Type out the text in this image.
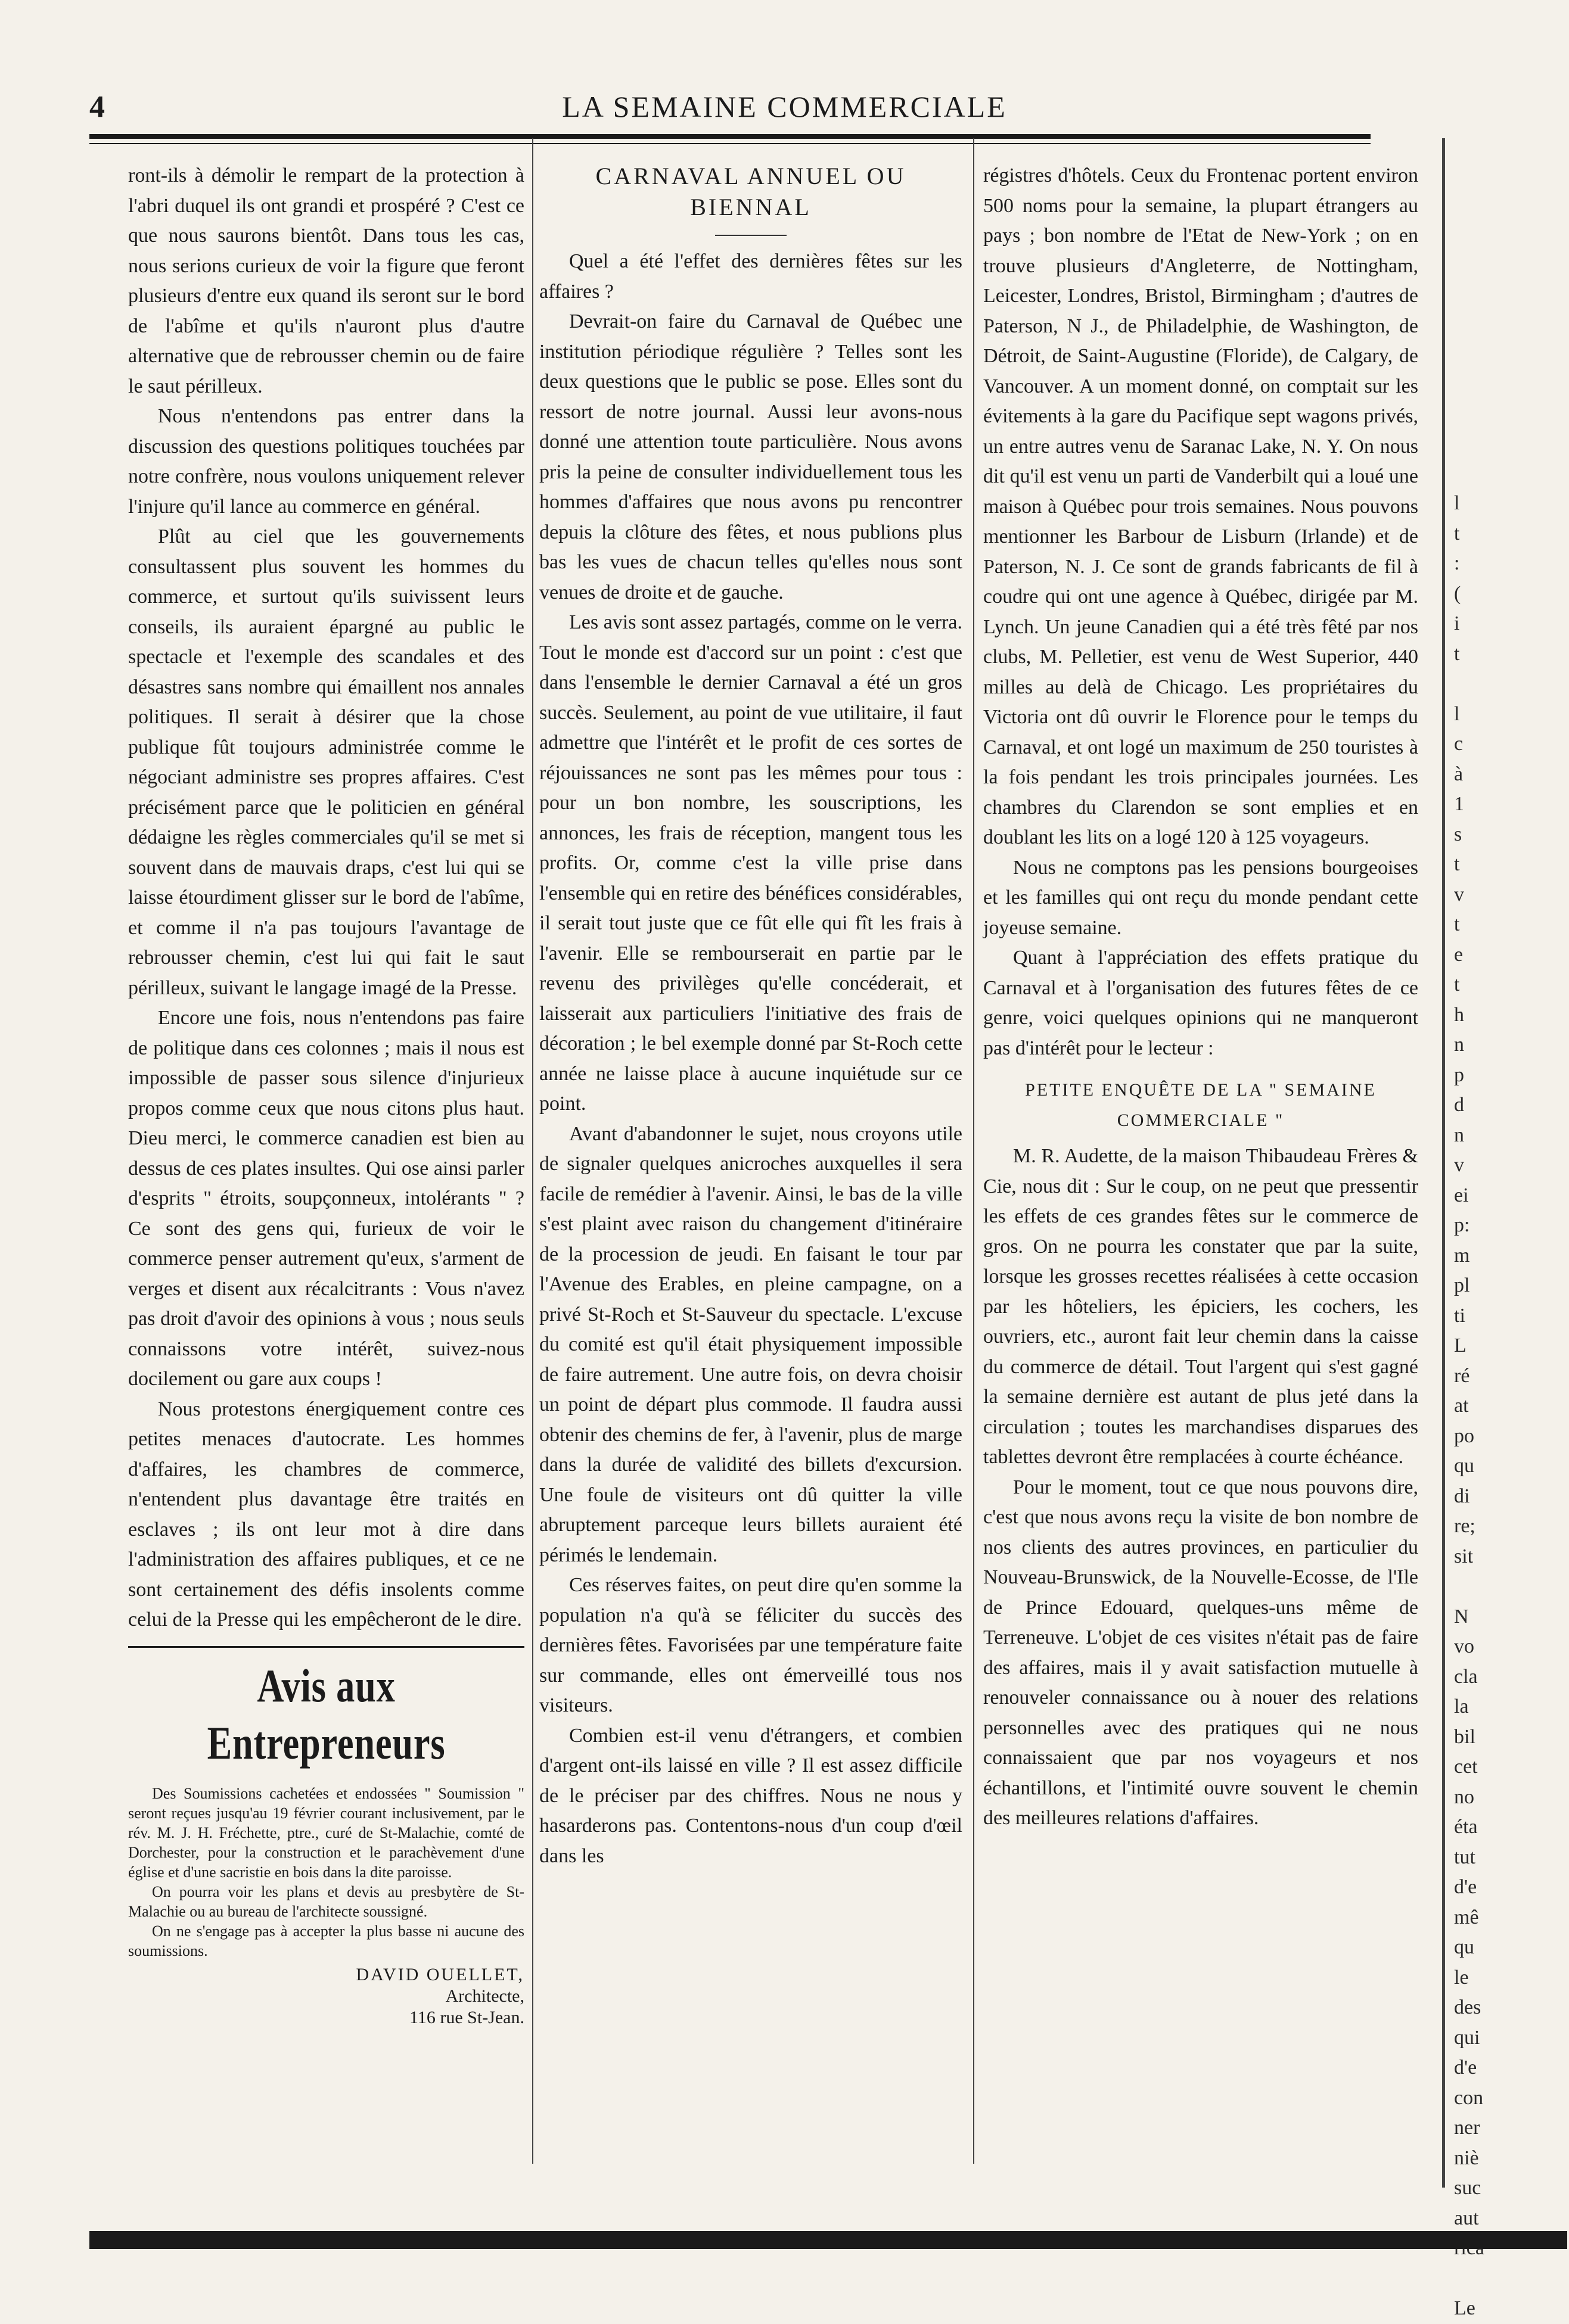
4	LA SEMAINE COMMERCIALE

ront-ils à démolir le rempart de la protection à l'abri duquel ils ont grandi et prospéré ? C'est ce que nous saurons bientôt. Dans tous les cas, nous serions curieux de voir la figure que feront plusieurs d'entre eux quand ils seront sur le bord de l'abîme et qu'ils n'auront plus d'autre alternative que de rebrousser chemin ou de faire le saut périlleux.

Nous n'entendons pas entrer dans la discussion des questions politiques touchées par notre confrère, nous voulons uniquement relever l'injure qu'il lance au commerce en général.

Plût au ciel que les gouvernements consultassent plus souvent les hommes du commerce, et surtout qu'ils suivissent leurs conseils, ils auraient épargné au public le spectacle et l'exemple des scandales et des désastres sans nombre qui émaillent nos annales politiques. Il serait à désirer que la chose publique fût toujours administrée comme le négociant administre ses propres affaires. C'est précisément parce que le politicien en général dédaigne les règles commerciales qu'il se met si souvent dans de mauvais draps, c'est lui qui se laisse étourdiment glisser sur le bord de l'abîme, et comme il n'a pas toujours l'avantage de rebrousser chemin, c'est lui qui fait le saut périlleux, suivant le langage imagé de la Presse.

Encore une fois, nous n'entendons pas faire de politique dans ces colonnes ; mais il nous est impossible de passer sous silence d'injurieux propos comme ceux que nous citons plus haut. Dieu merci, le commerce canadien est bien au dessus de ces plates insultes. Qui ose ainsi parler d'esprits " étroits, soupçonneux, intolérants " ? Ce sont des gens qui, furieux de voir le commerce penser autrement qu'eux, s'arment de verges et disent aux récalcitrants : Vous n'avez pas droit d'avoir des opinions à vous ; nous seuls connaissons votre intérêt, suivez-nous docilement ou gare aux coups !

Nous protestons énergiquement contre ces petites menaces d'autocrate. Les hommes d'affaires, les chambres de commerce, n'entendent plus davantage être traités en esclaves ; ils ont leur mot à dire dans l'administration des affaires publiques, et ce ne sont certainement des défis insolents comme celui de la Presse qui les empêcheront de le dire.

Avis aux Entrepreneurs

Des Soumissions cachetées et endossées " Soumission " seront reçues jusqu'au 19 février courant inclusivement, par le rév. M. J. H. Fréchette, ptre., curé de St-Malachie, comté de Dorchester, pour la construction et le parachèvement d'une église et d'une sacristie en bois dans la dite paroisse.

On pourra voir les plans et devis au presbytère de St-Malachie ou au bureau de l'architecte soussigné.

On ne s'engage pas à accepter la plus basse ni aucune des soumissions.

DAVID OUELLET,
Architecte,
116 rue St-Jean.
CARNAVAL ANNUEL OU BIENNAL

Quel a été l'effet des dernières fêtes sur les affaires ?

Devrait-on faire du Carnaval de Québec une institution périodique régulière ? Telles sont les deux questions que le public se pose. Elles sont du ressort de notre journal. Aussi leur avons-nous donné une attention toute particulière. Nous avons pris la peine de consulter individuellement tous les hommes d'affaires que nous avons pu rencontrer depuis la clôture des fêtes, et nous publions plus bas les vues de chacun telles qu'elles nous sont venues de droite et de gauche.

Les avis sont assez partagés, comme on le verra. Tout le monde est d'accord sur un point : c'est que dans l'ensemble le dernier Carnaval a été un gros succès. Seulement, au point de vue utilitaire, il faut admettre que l'intérêt et le profit de ces sortes de réjouissances ne sont pas les mêmes pour tous : pour un bon nombre, les souscriptions, les annonces, les frais de réception, mangent tous les profits. Or, comme c'est la ville prise dans l'ensemble qui en retire des bénéfices considérables, il serait tout juste que ce fût elle qui fît les frais à l'avenir. Elle se rembourserait en partie par le revenu des privilèges qu'elle concéderait, et laisserait aux particuliers l'initiative des frais de décoration ; le bel exemple donné par St-Roch cette année ne laisse place à aucune inquiétude sur ce point.

Avant d'abandonner le sujet, nous croyons utile de signaler quelques anicroches auxquelles il sera facile de remédier à l'avenir. Ainsi, le bas de la ville s'est plaint avec raison du changement d'itinéraire de la procession de jeudi. En faisant le tour par l'Avenue des Erables, en pleine campagne, on a privé St-Roch et St-Sauveur du spectacle. L'excuse du comité est qu'il était physiquement impossible de faire autrement. Une autre fois, on devra choisir un point de départ plus commode. Il faudra aussi obtenir des chemins de fer, à l'avenir, plus de marge dans la durée de validité des billets d'excursion. Une foule de visiteurs ont dû quitter la ville abruptement parceque leurs billets auraient été périmés le lendemain.

Ces réserves faites, on peut dire qu'en somme la population n'a qu'à se féliciter du succès des dernières fêtes. Favorisées par une température faite sur commande, elles ont émerveillé tous nos visiteurs.

Combien est-il venu d'étrangers, et combien d'argent ont-ils laissé en ville ? Il est assez difficile de le préciser par des chiffres. Nous ne nous y hasarderons pas. Contentons-nous d'un coup d'œil dans les

régistres d'hôtels. Ceux du Frontenac portent environ 500 noms pour la semaine, la plupart étrangers au pays ; bon nombre de l'Etat de New-York ; on en trouve plusieurs d'Angleterre, de Nottingham, Leicester, Londres, Bristol, Birmingham ; d'autres de Paterson, N J., de Philadelphie, de Washington, de Détroit, de Saint-Augustine (Floride), de Calgary, de Vancouver. A un moment donné, on comptait sur les évitements à la gare du Pacifique sept wagons privés, un entre autres venu de Saranac Lake, N. Y. On nous dit qu'il est venu un parti de Vanderbilt qui a loué une maison à Québec pour trois semaines. Nous pouvons mentionner les Barbour de Lisburn (Irlande) et de Paterson, N. J. Ce sont de grands fabricants de fil à coudre qui ont une agence à Québec, dirigée par M. Lynch. Un jeune Canadien qui a été très fêté par nos clubs, M. Pelletier, est venu de West Superior, 440 milles au delà de Chicago. Les propriétaires du Victoria ont dû ouvrir le Florence pour le temps du Carnaval, et ont logé un maximum de 250 touristes à la fois pendant les trois principales journées. Les chambres du Clarendon se sont emplies et en doublant les lits on a logé 120 à 125 voyageurs.

Nous ne comptons pas les pensions bourgeoises et les familles qui ont reçu du monde pendant cette joyeuse semaine.

Quant à l'appréciation des effets pratique du Carnaval et à l'organisation des futures fêtes de ce genre, voici quelques opinions qui ne manqueront pas d'intérêt pour le lecteur :

PETITE ENQUÊTE DE LA " SEMAINE
COMMERCIALE "

M. R. Audette, de la maison Thibaudeau Frères & Cie, nous dit : Sur le coup, on ne peut que pressentir les effets de ces grandes fêtes sur le commerce de gros. On ne pourra les constater que par la suite, lorsque les grosses recettes réalisées à cette occasion par les hôteliers, les épiciers, les cochers, les ouvriers, etc., auront fait leur chemin dans la caisse du commerce de détail. Tout l'argent qui s'est gagné la semaine dernière est autant de plus jeté dans la circulation ; toutes les marchandises disparues des tablettes devront être remplacées à courte échéance.

Pour le moment, tout ce que nous pouvons dire, c'est que nous avons reçu la visite de bon nombre de nos clients des autres provinces, en particulier du Nouveau-Brunswick, de la Nouvelle-Ecosse, de l'Ile de Prince Edouard, quelques-uns même de Terreneuve. L'objet de ces visites n'était pas de faire des affaires, mais il y avait satisfaction mutuelle à renouveler connaissance ou à nouer des relations personnelles avec des pratiques qui ne nous connaissaient que par nos voyageurs et nos échantillons, et l'intimité ouvre souvent le chemin des meilleures relations d'affaires.

l
t
:
(
i
t

l
c
à
1
s
t
v
t
e
t
h
n
p
d
n
v
ei
p:
m
pl
ti
L
ré
at
po
qu
di
re;
sit

N
vo
cla
la
bil
cet
no
éta
tut
d'e
mê
qu
le
des
qui
d'e
con
ner
niè
suc
aut

Le
